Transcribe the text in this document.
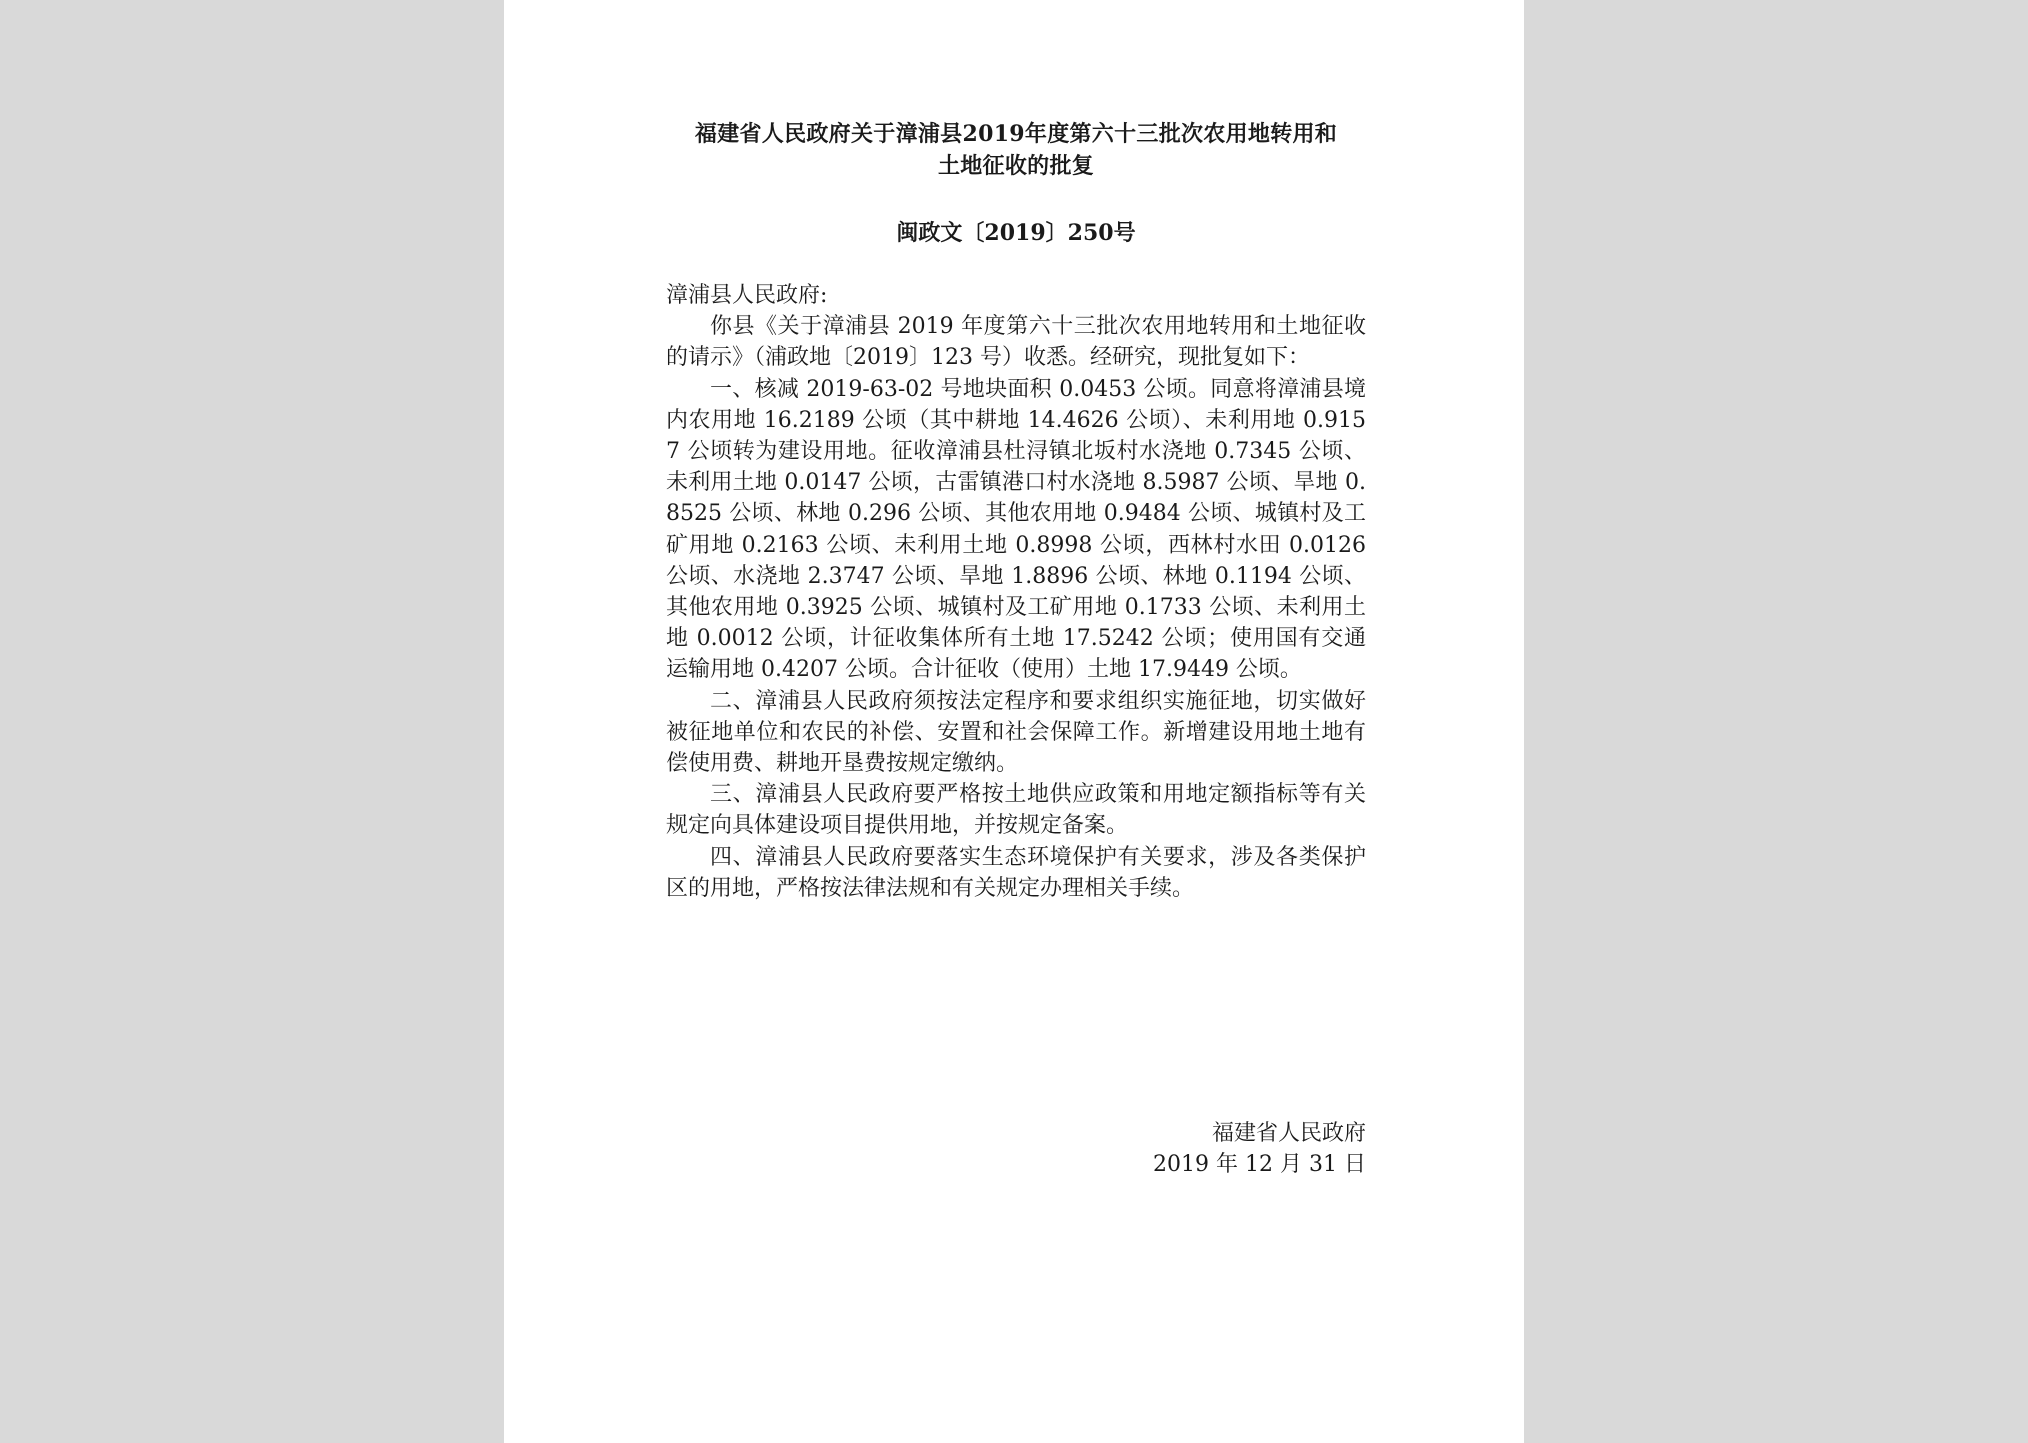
福建省人民政府关于漳浦县2019年度第六十三批次农用地转用和
土地征收的批复
闽政文〔2019〕250号

漳浦县人民政府:

你县《关于漳浦县 2019 年度第六十三批次农用地转用和土地征收的请示》（浦政地〔2019〕123 号）收悉。经研究，现批复如下：

一、核减 2019-63-02 号地块面积 0.0453 公顷。同意将漳浦县境内农用地 16.2189 公顷（其中耕地 14.4626 公顷）、未利用地 0.9157 公顷转为建设用地。征收漳浦县杜浔镇北坂村水浇地 0.7345 公顷、未利用土地 0.0147 公顷，古雷镇港口村水浇地 8.5987 公顷、旱地 0.8525 公顷、林地 0.296 公顷、其他农用地 0.9484 公顷、城镇村及工矿用地 0.2163 公顷、未利用土地 0.8998 公顷，西林村水田 0.0126 公顷、水浇地 2.3747 公顷、旱地 1.8896 公顷、林地 0.1194 公顷、其他农用地 0.3925 公顷、城镇村及工矿用地 0.1733 公顷、未利用土地 0.0012 公顷，计征收集体所有土地 17.5242 公顷；使用国有交通运输用地 0.4207 公顷。合计征收（使用）土地 17.9449 公顷。

二、漳浦县人民政府须按法定程序和要求组织实施征地，切实做好被征地单位和农民的补偿、安置和社会保障工作。新增建设用地土地有偿使用费、耕地开垦费按规定缴纳。

三、漳浦县人民政府要严格按土地供应政策和用地定额指标等有关规定向具体建设项目提供用地，并按规定备案。

四、漳浦县人民政府要落实生态环境保护有关要求，涉及各类保护区的用地，严格按法律法规和有关规定办理相关手续。

福建省人民政府
2019 年 12 月 31 日
